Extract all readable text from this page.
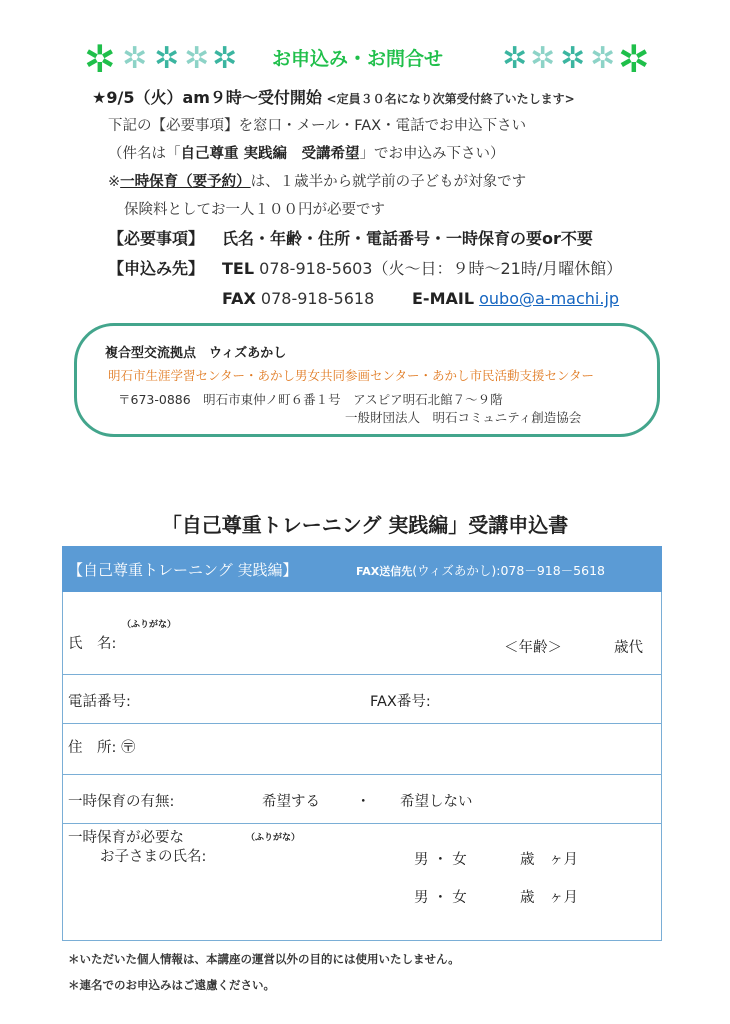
✲ ✲ ✲ ✲ ✲ お申込み・お問合せ ✲ ✲ ✲ ✲ ✲
★9/5（火）am９時～受付開始 <定員３０名になり次第受付終了いたします>
下記の【必要事項】を窓口・メール・FAX・電話でお申込下さい
（件名は「自己尊重 実践編　受講希望」でお申込み下さい）
※一時保育（要予約）は、１歳半から就学前の子どもが対象です
保険料としてお一人１００円が必要です
【必要事項】 氏名・年齢・住所・電話番号・一時保育の要or不要
【申込み先】 TEL 078-918-5603（火～日：９時～21時/月曜休館）
FAX 078-918-5618 E-MAIL oubo@a-machi.jp
複合型交流拠点　ウィズあかし
明石市生涯学習センター・あかし男女共同参画センター・あかし市民活動支援センター
〒673-0886　明石市東仲ノ町６番１号　アスピア明石北館７～９階
一般財団法人　明石コミュニティ創造協会
「自己尊重トレーニング 実践編」受講申込書
【自己尊重トレーニング 実践編】	FAX送信先(ウィズあかし):078－918－5618
（ふりがな）
氏　名:	＜年齢＞	歳代
電話番号:	FAX番号:
住　所: 〶
一時保育の有無:	希望する ・ 希望しない
一時保育が必要な	（ふりがな）
お子さまの氏名:	男 ・ 女	歳　ヶ月
男 ・ 女	歳　ヶ月
＊いただいた個人情報は、本講座の運営以外の目的には使用いたしません。
＊連名でのお申込みはご遠慮ください。
